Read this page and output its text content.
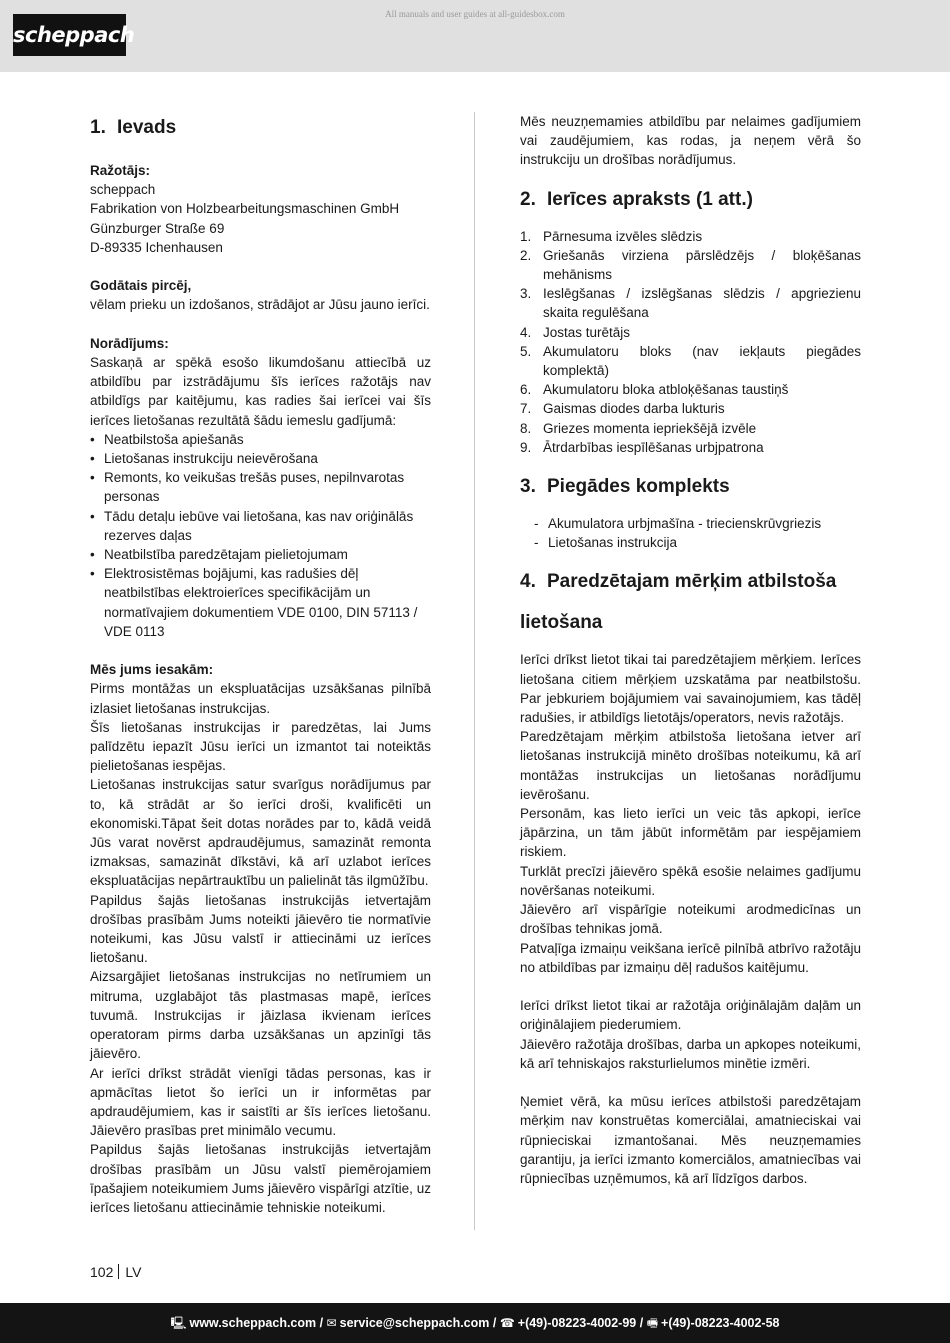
All manuals and user guides at all-guidesbox.com
scheppach
1. Ievads
Ražotājs:
scheppach
Fabrikation von Holzbearbeitungsmaschinen GmbH
Günzburger Straße 69
D-89335 Ichenhausen
Godātais pircēj,

vēlam prieku un izdošanos, strādājot ar Jūsu jauno ierīci.

Norādījums:

Saskaņā ar spēkā esošo likumdošanu attiecībā uz atbildību par izstrādājumu šīs ierīces ražotājs nav atbildīgs par kaitējumu, kas radies šai ierīcei vai šīs ierīces lietošanas rezultātā šādu iemeslu gadījumā:

• Neatbilstoša apiešanās
• Lietošanas instrukciju neievērošana
• Remonts, ko veikušas trešās puses, nepilnvarotas personas
• Tādu detaļu iebūve vai lietošana, kas nav oriģinālās rezerves daļas
• Neatbilstība paredzētajam pielietojumam
• Elektrosistēmas bojājumi, kas radušies dēļ neatbilstības elektroierīces specifikācijām un normatīvajiem dokumentiem VDE 0100, DIN 57113 / VDE 0113
Mēs jums iesakām:

Pirms montāžas un ekspluatācijas uzsākšanas pilnībā izlasiet lietošanas instrukcijas.

Šīs lietošanas instrukcijas ir paredzētas, lai Jums palīdzētu iepazīt Jūsu ierīci un izmantot tai noteiktās pielietošanas iespējas.

Lietošanas instrukcijas satur svarīgus norādījumus par to, kā strādāt ar šo ierīci droši, kvalificēti un ekonomiski.Tāpat šeit dotas norādes par to, kādā veidā Jūs varat novērst apdraudējumus, samazināt remonta izmaksas, samazināt dīkstāvi, kā arī uzlabot ierīces ekspluatācijas nepārtrauktību un palielināt tās ilgmūžību.

Papildus šajās lietošanas instrukcijās ietvertajām drošības prasībām Jums noteikti jāievēro tie normatīvie noteikumi, kas Jūsu valstī ir attiecināmi uz ierīces lietošanu.

Aizsargājiet lietošanas instrukcijas no netīrumiem un mitruma, uzglabājot tās plastmasas mapē, ierīces tuvumā. Instrukcijas ir jāizlasa ikvienam ierīces operatoram pirms darba uzsākšanas un apzinīgi tās jāievēro.

Ar ierīci drīkst strādāt vienīgi tādas personas, kas ir apmācītas lietot šo ierīci un ir informētas par apdraudējumiem, kas ir saistīti ar šīs ierīces lietošanu. Jāievēro prasības pret minimālo vecumu.

Papildus šajās lietošanas instrukcijās ietvertajām drošības prasībām un Jūsu valstī piemērojamiem īpašajiem noteikumiem Jums jāievēro vispārīgi atzītie, uz ierīces lietošanu attiecināmie tehniskie noteikumi.

Mēs neuzņemamies atbildību par nelaimes gadījumiem vai zaudējumiem, kas rodas, ja neņem vērā šo instrukciju un drošības norādījumus.

2. Ierīces apraksts (1 att.)
1. Pārnesuma izvēles slēdzis
2. Griešanās virziena pārslēdzējs / bloķēšanas mehānisms
3. Ieslēgšanas / izslēgšanas slēdzis / apgriezienu skaita regulēšana
4. Jostas turētājs
5. Akumulatoru bloks (nav iekļauts piegādes komplektā)
6. Akumulatoru bloka atbloķēšanas taustiņš
7. Gaismas diodes darba lukturis
8. Griezes momenta iepriekšējā izvēle
9. Ātrdarbības iespīlēšanas urbjpatrona
3. Piegādes komplekts
- Akumulatora urbjmašīna - triecienskrūvgriezis
- Lietošanas instrukcija
4. Paredzētajam mērķim atbilstoša
lietošana

Ierīci drīkst lietot tikai tai paredzētajiem mērķiem. Ierīces lietošana citiem mērķiem uzskatāma par neatbilstošu. Par jebkuriem bojājumiem vai savainojumiem, kas tādēļ radušies, ir atbildīgs lietotājs/operators, nevis ražotājs.

Paredzētajam mērķim atbilstoša lietošana ietver arī lietošanas instrukcijā minēto drošības noteikumu, kā arī montāžas instrukcijas un lietošanas norādījumu ievērošanu.

Personām, kas lieto ierīci un veic tās apkopi, ierīce jāpārzina, un tām jābūt informētām par iespējamiem riskiem.

Turklāt precīzi jāievēro spēkā esošie nelaimes gadījumu novēršanas noteikumi.

Jāievēro arī vispārīgie noteikumi arodmedicīnas un drošības tehnikas jomā.

Patvaļīga izmaiņu veikšana ierīcē pilnībā atbrīvo ražotāju no atbildības par izmaiņu dēļ radušos kaitējumu.

Ierīci drīkst lietot tikai ar ražotāja oriģinālajām daļām un oriģinālajiem piederumiem.

Jāievēro ražotāja drošības, darba un apkopes noteikumi, kā arī tehniskajos raksturlielumos minētie izmēri.

Ņemiet vērā, ka mūsu ierīces atbilstoši paredzētajam mērķim nav konstruētas komerciālai, amatnieciskai vai rūpnieciskai izmantošanai. Mēs neuzņemamies garantiju, ja ierīci izmanto komerciālos, amatniecības vai rūpniecības uzņēmumos, kā arī līdzīgos darbos.

102 LV
🖳 www.scheppach.com / ✉ service@scheppach.com / ☎ +(49)-08223-4002-99 / 🖷 +(49)-08223-4002-58
